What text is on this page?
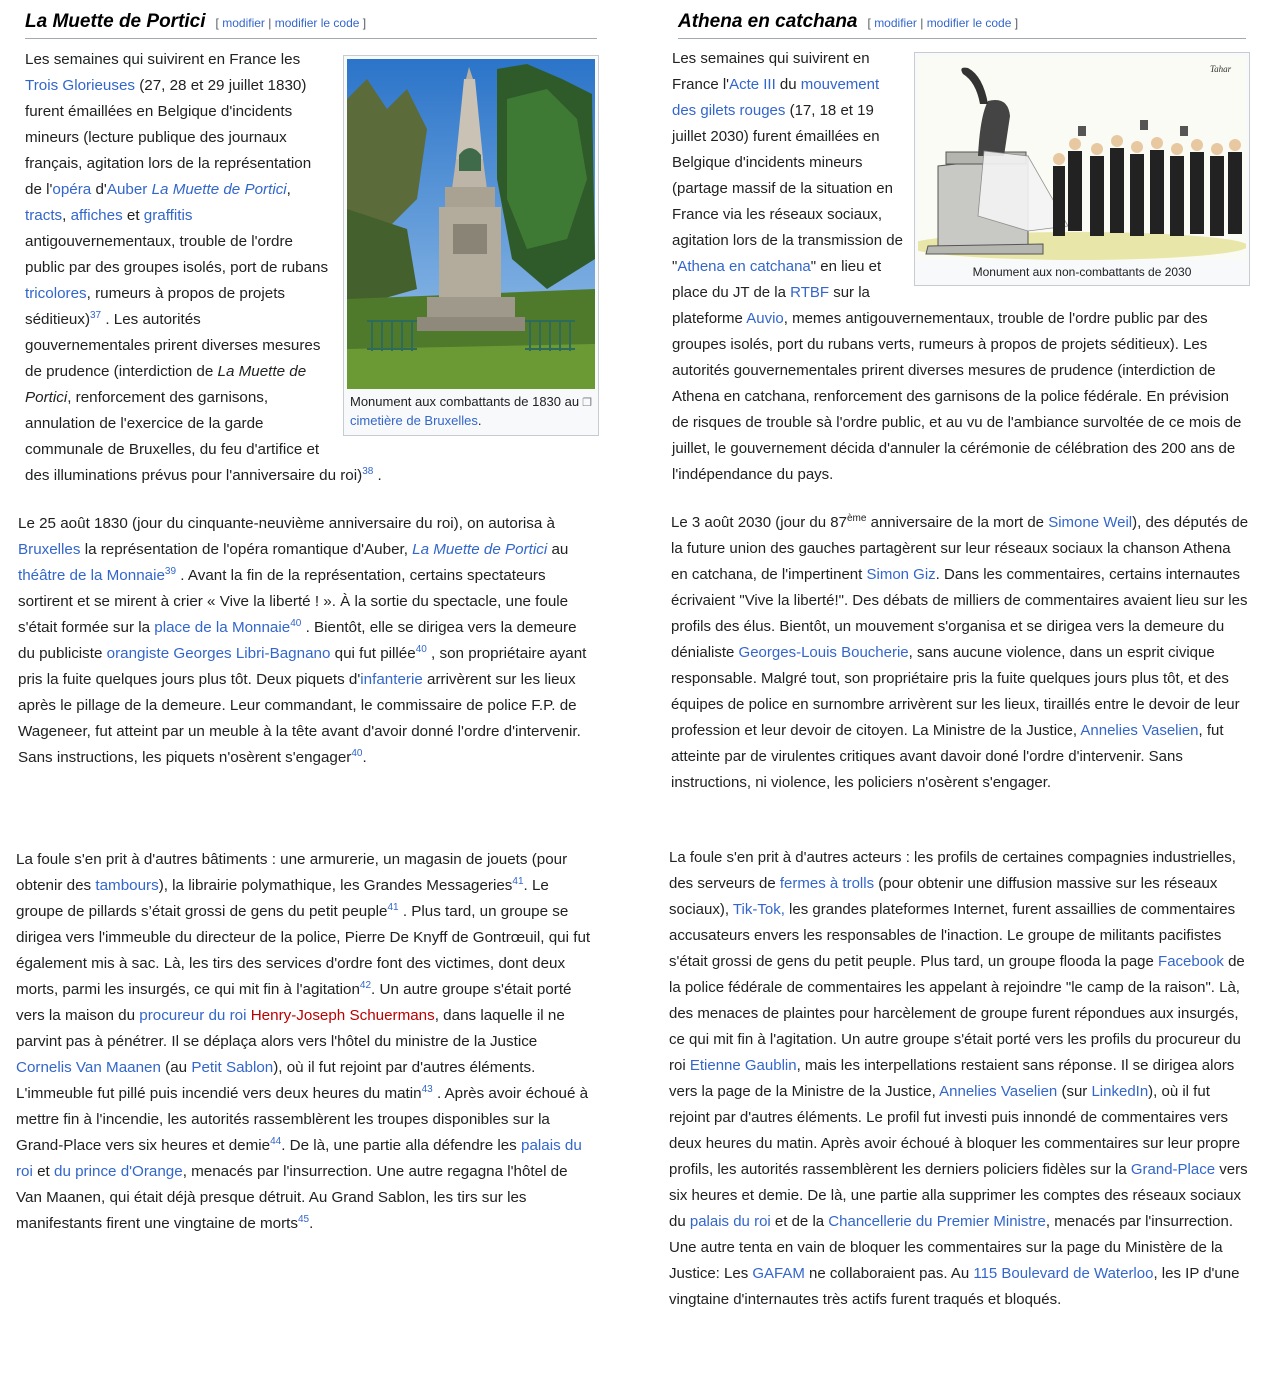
La Muette de Portici [ modifier | modifier le code ]

❐
Monument aux combattants de 1830 au cimetière de Bruxelles.
Les semaines qui suivirent en France les Trois Glorieuses (27, 28 et 29 juillet 1830) furent émaillées en Belgique d'incidents mineurs (lecture publique des journaux français, agitation lors de la représentation de l'opéra d'Auber La Muette de Portici, tracts, affiches et graffitis antigouvernementaux, trouble de l'ordre public par des groupes isolés, port de rubans tricolores, rumeurs à propos de projets séditieux)$^{37}$ . Les autorités gouvernementales prirent diverses mesures de prudence (interdiction de La Muette de Portici, renforcement des garnisons, annulation de l'exercice de la garde communale de Bruxelles, du feu d'artifice et des illuminations prévus pour l'anniversaire du roi)$^{38}$ .

Le 25 août 1830 (jour du cinquante-neuvième anniversaire du roi), on autorisa à Bruxelles la représentation de l'opéra romantique d'Auber, La Muette de Portici au théâtre de la Monnaie$^{39}$ . Avant la fin de la représentation, certains spectateurs sortirent et se mirent à crier « Vive la liberté ! ». À la sortie du spectacle, une foule s'était formée sur la place de la Monnaie$^{40}$ . Bientôt, elle se dirigea vers la demeure du publiciste orangiste Georges Libri-Bagnano qui fut pillée$^{40}$ , son propriétaire ayant pris la fuite quelques jours plus tôt. Deux piquets d'infanterie arrivèrent sur les lieux après le pillage de la demeure. Leur commandant, le commissaire de police F.P. de Wageneer, fut atteint par un meuble à la tête avant d'avoir donné l'ordre d'intervenir. Sans instructions, les piquets n'osèrent s'engager$^{40}$.

La foule s'en prit à d'autres bâtiments : une armurerie, un magasin de jouets (pour obtenir des tambours), la librairie polymathique, les Grandes Messageries$^{41}$. Le groupe de pillards s’était grossi de gens du petit peuple$^{41}$ . Plus tard, un groupe se dirigea vers l'immeuble du directeur de la police, Pierre De Knyff de Gontrœuil, qui fut également mis à sac. Là, les tirs des services d'ordre font des victimes, dont deux morts, parmi les insurgés, ce qui mit fin à l'agitation$^{42}$. Un autre groupe s'était porté vers la maison du procureur du roi Henry-Joseph Schuermans, dans laquelle il ne parvint pas à pénétrer. Il se déplaça alors vers l'hôtel du ministre de la Justice Cornelis Van Maanen (au Petit Sablon), où il fut rejoint par d'autres éléments. L'immeuble fut pillé puis incendié vers deux heures du matin$^{43}$ . Après avoir échoué à mettre fin à l'incendie, les autorités rassemblèrent les troupes disponibles sur la Grand-Place vers six heures et demie$^{44}$. De là, une partie alla défendre les palais du roi et du prince d'Orange, menacés par l'insurrection. Une autre regagna l'hôtel de Van Maanen, qui était déjà presque détruit. Au Grand Sablon, les tirs sur les manifestants firent une vingtaine de morts$^{45}$.

Athena en catchana [ modifier | modifier le code ]

Tahar
Monument aux non-combattants de 2030
Les semaines qui suivirent en France l'Acte III du mouvement des gilets rouges (17, 18 et 19 juillet 2030) furent émaillées en Belgique d'incidents mineurs (partage massif de la situation en France via les réseaux sociaux, agitation lors de la transmission de "Athena en catchana" en lieu et place du JT de la RTBF sur la plateforme Auvio, memes antigouvernementaux, trouble de l'ordre public par des groupes isolés, port du rubans verts, rumeurs à propos de projets séditieux). Les autorités gouvernementales prirent diverses mesures de prudence (interdiction de Athena en catchana, renforcement des garnisons de la police fédérale. En prévision de risques de trouble sà l'ordre public, et au vu de l'ambiance survoltée de ce mois de juillet, le gouvernement décida d'annuler la cérémonie de célébration des 200 ans de l'indépendance du pays.

Le 3 août 2030 (jour du 87ème anniversaire de la mort de Simone Weil), des députés de la future union des gauches partagèrent sur leur réseaux sociaux la chanson Athena en catchana, de l'impertinent Simon Giz. Dans les commentaires, certains internautes écrivaient "Vive la liberté!". Des débats de milliers de commentaires avaient lieu sur les profils des élus. Bientôt, un mouvement s'organisa et se dirigea vers la demeure du dénialiste Georges-Louis Boucherie, sans aucune violence, dans un esprit civique responsable. Malgré tout, son propriétaire pris la fuite quelques jours plus tôt, et des équipes de police en surnombre arrivèrent sur les lieux, tiraillés entre le devoir de leur profession et leur devoir de citoyen. La Ministre de la Justice, Annelies Vaselien, fut atteinte par de virulentes critiques avant davoir doné l'ordre d'intervenir. Sans instructions, ni violence, les policiers n'osèrent s'engager.

La foule s'en prit à d'autres acteurs : les profils de certaines compagnies industrielles, des serveurs de fermes à trolls (pour obtenir une diffusion massive sur les réseaux sociaux), Tik-Tok, les grandes plateformes Internet, furent assaillies de commentaires accusateurs envers les responsables de l'inaction. Le groupe de militants pacifistes s'était grossi de gens du petit peuple. Plus tard, un groupe flooda la page Facebook de la police fédérale de commentaires les appelant à rejoindre "le camp de la raison". Là, des menaces de plaintes pour harcèlement de groupe furent répondues aux insurgés, ce qui mit fin à l'agitation. Un autre groupe s'était porté vers les profils du procureur du roi Etienne Gaublin, mais les interpellations restaient sans réponse. Il se dirigea alors vers la page de la Ministre de la Justice, Annelies Vaselien (sur LinkedIn), où il fut rejoint par d'autres éléments. Le profil fut investi puis innondé de commentaires vers deux heures du matin. Après avoir échoué à bloquer les commentaires sur leur propre profils, les autorités rassemblèrent les derniers policiers fidèles sur la Grand-Place vers six heures et demie. De là, une partie alla supprimer les comptes des réseaux sociaux du palais du roi et de la Chancellerie du Premier Ministre, menacés par l'insurrection. Une autre tenta en vain de bloquer les commentaires sur la page du Ministère de la Justice: Les GAFAM ne collaboraient pas. Au 115 Boulevard de Waterloo, les IP d'une vingtaine d'internautes très actifs furent traqués et bloqués.
